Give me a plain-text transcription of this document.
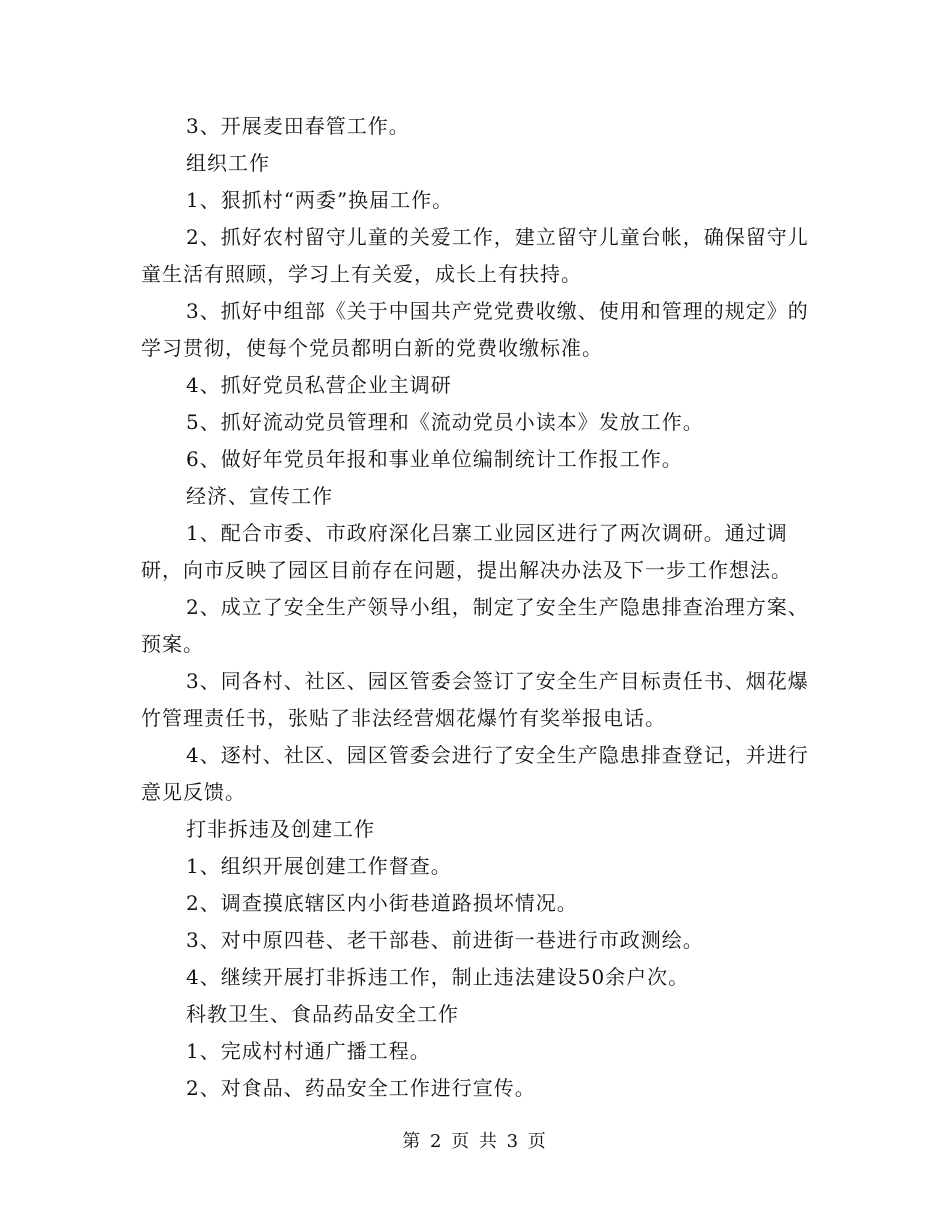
3、开展麦田春管工作。

组织工作

1、狠抓村“两委”换届工作。

2、抓好农村留守儿童的关爱工作，建立留守儿童台帐，确保留守儿童生活有照顾，学习上有关爱，成长上有扶持。

3、抓好中组部《关于中国共产党党费收缴、使用和管理的规定》的学习贯彻，使每个党员都明白新的党费收缴标准。

4、抓好党员私营企业主调研

5、抓好流动党员管理和《流动党员小读本》发放工作。

6、做好年党员年报和事业单位编制统计工作报工作。

经济、宣传工作

1、配合市委、市政府深化吕寨工业园区进行了两次调研。通过调研，向市反映了园区目前存在问题，提出解决办法及下一步工作想法。

2、成立了安全生产领导小组，制定了安全生产隐患排查治理方案、预案。

3、同各村、社区、园区管委会签订了安全生产目标责任书、烟花爆竹管理责任书，张贴了非法经营烟花爆竹有奖举报电话。

4、逐村、社区、园区管委会进行了安全生产隐患排查登记，并进行意见反馈。

打非拆违及创建工作

1、组织开展创建工作督查。

2、调查摸底辖区内小街巷道路损坏情况。

3、对中原四巷、老干部巷、前进街一巷进行市政测绘。

4、继续开展打非拆违工作，制止违法建设50余户次。

科教卫生、食品药品安全工作

1、完成村村通广播工程。

2、对食品、药品安全工作进行宣传。

第 2 页 共 3 页
